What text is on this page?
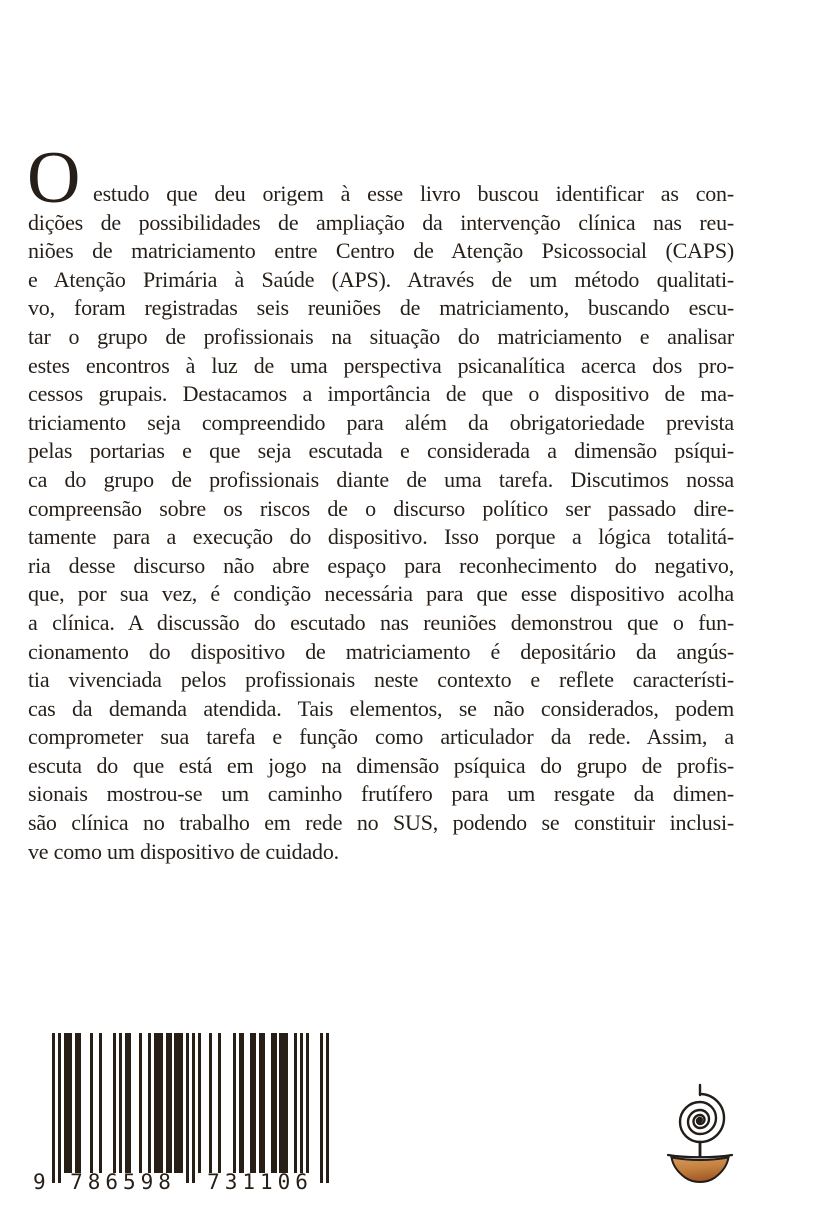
O estudo que deu origem à esse livro buscou identificar as con-
dições de possibilidades de ampliação da intervenção clínica nas reu-
niões de matriciamento entre Centro de Atenção Psicossocial (CAPS)
e Atenção Primária à Saúde (APS). Através de um método qualitati-
vo, foram registradas seis reuniões de matriciamento, buscando escu-
tar o grupo de profissionais na situação do matriciamento e analisar
estes encontros à luz de uma perspectiva psicanalítica acerca dos pro-
cessos grupais. Destacamos a importância de que o dispositivo de ma-
triciamento seja compreendido para além da obrigatoriedade prevista
pelas portarias e que seja escutada e considerada a dimensão psíqui-
ca do grupo de profissionais diante de uma tarefa. Discutimos nossa
compreensão sobre os riscos de o discurso político ser passado dire-
tamente para a execução do dispositivo. Isso porque a lógica totalitá-
ria desse discurso não abre espaço para reconhecimento do negativo,
que, por sua vez, é condição necessária para que esse dispositivo acolha
a clínica. A discussão do escutado nas reuniões demonstrou que o fun-
cionamento do dispositivo de matriciamento é depositário da angús-
tia vivenciada pelos profissionais neste contexto e reflete característi-
cas da demanda atendida. Tais elementos, se não considerados, podem
comprometer sua tarefa e função como articulador da rede. Assim, a
escuta do que está em jogo na dimensão psíquica do grupo de profis-
sionais mostrou-se um caminho frutífero para um resgate da dimen-
são clínica no trabalho em rede no SUS, podendo se constituir inclusi-
ve como um dispositivo de cuidado.
9	786598	731106
